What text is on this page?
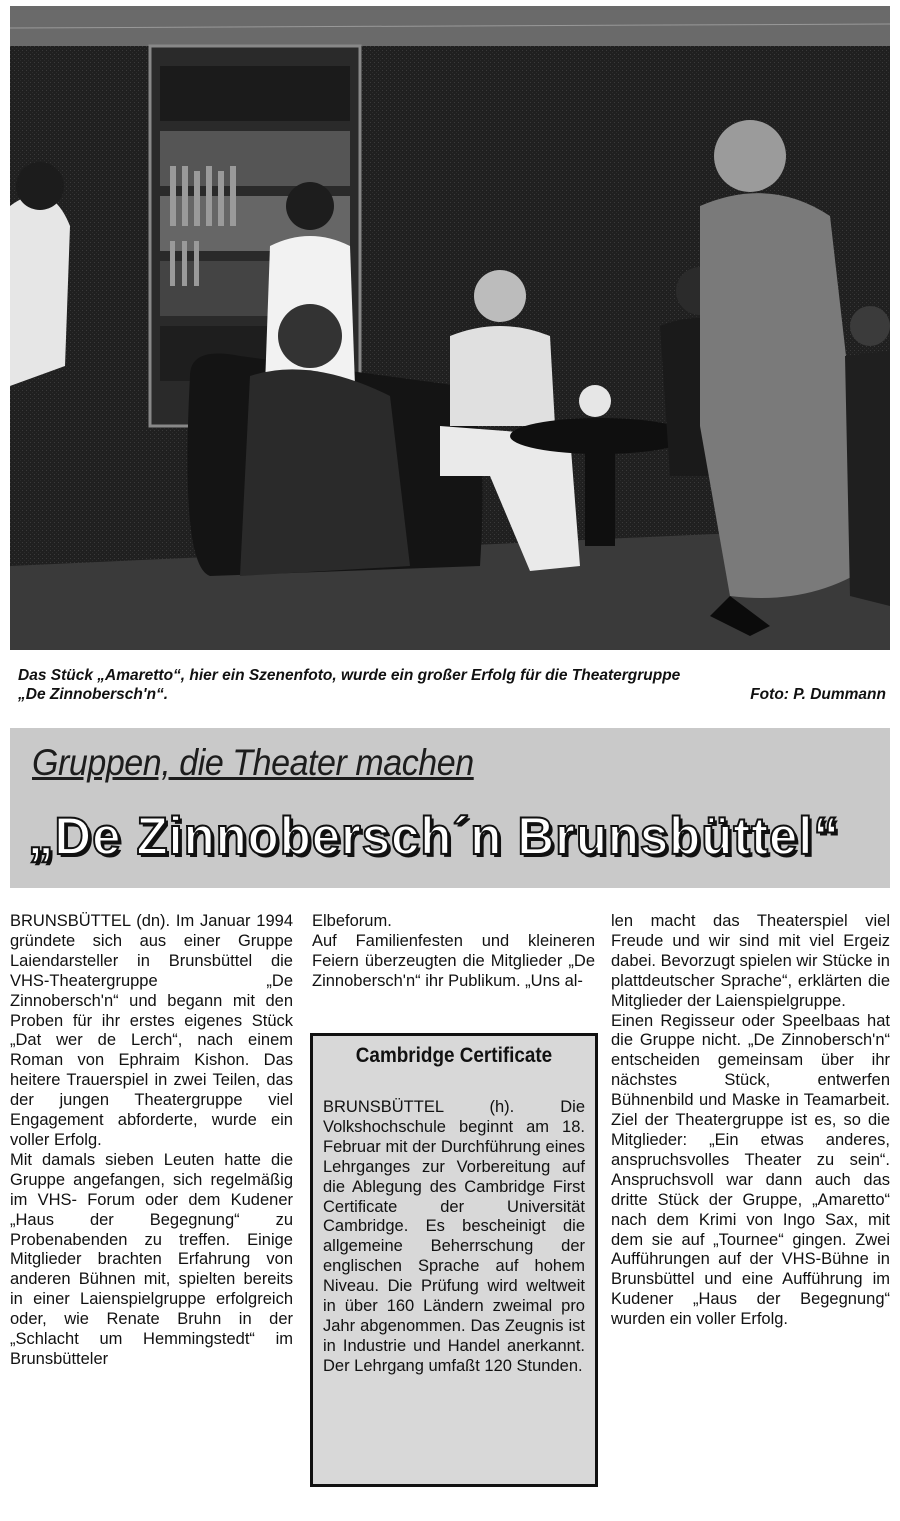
Das Stück „Amaretto“, hier ein Szenenfoto, wurde ein großer Erfolg für die Theatergruppe
„De Zinnobersch'n“.	Foto: P. Dummann
Gruppen, die Theater machen
„De Zinnobersch´n Brunsbüttel“

BRUNSBÜTTEL (dn). Im Januar 1994 gründete sich aus einer Gruppe Laiendarsteller in Brunsbüttel die VHS-Theatergruppe „De Zinnobersch'n“ und begann mit den Proben für ihr erstes eigenes Stück „Dat wer de Lerch“, nach einem Roman von Ephraim Kishon. Das heitere Trauerspiel in zwei Teilen, das der jungen Theatergruppe viel Engagement abforderte, wurde ein voller Erfolg.

Mit damals sieben Leuten hatte die Gruppe angefangen, sich regelmäßig im VHS- Forum oder dem Kudener „Haus der Begegnung“ zu Probenabenden zu treffen. Einige Mitglieder brachten Erfahrung von anderen Bühnen mit, spielten bereits in einer Laienspielgruppe erfolgreich oder, wie Renate Bruhn in der „Schlacht um Hemmingstedt“ im Brunsbütteler

Elbeforum.

Auf Familienfesten und kleineren Feiern überzeugten die Mitglieder „De Zinnobersch'n“ ihr Publikum. „Uns al-

Cambridge Certificate
BRUNSBÜTTEL (h). Die Volkshochschule beginnt am 18. Februar mit der Durchführung eines Lehrganges zur Vorbereitung auf die Ablegung des Cambridge First Certificate der Universität Cambridge. Es bescheinigt die allgemeine Beherrschung der englischen Sprache auf hohem Niveau. Die Prüfung wird weltweit in über 160 Ländern zweimal pro Jahr abgenommen. Das Zeugnis ist in Industrie und Handel anerkannt. Der Lehrgang umfaßt 120 Stunden.

len macht das Theaterspiel viel Freude und wir sind mit viel Ergeiz dabei. Bevorzugt spielen wir Stücke in plattdeutscher Sprache“, erklärten die Mitglieder der Laienspielgruppe.

Einen Regisseur oder Speelbaas hat die Gruppe nicht. „De Zinnobersch'n“ entscheiden gemeinsam über ihr nächstes Stück, entwerfen Bühnenbild und Maske in Teamarbeit. Ziel der Theatergruppe ist es, so die Mitglieder: „Ein etwas anderes, anspruchsvolles Theater zu sein“. Anspruchsvoll war dann auch das dritte Stück der Gruppe, „Amaretto“ nach dem Krimi von Ingo Sax, mit dem sie auf „Tournee“ gingen. Zwei Aufführungen auf der VHS-Bühne in Brunsbüttel und eine Aufführung im Kudener „Haus der Begegnung“ wurden ein voller Erfolg.
